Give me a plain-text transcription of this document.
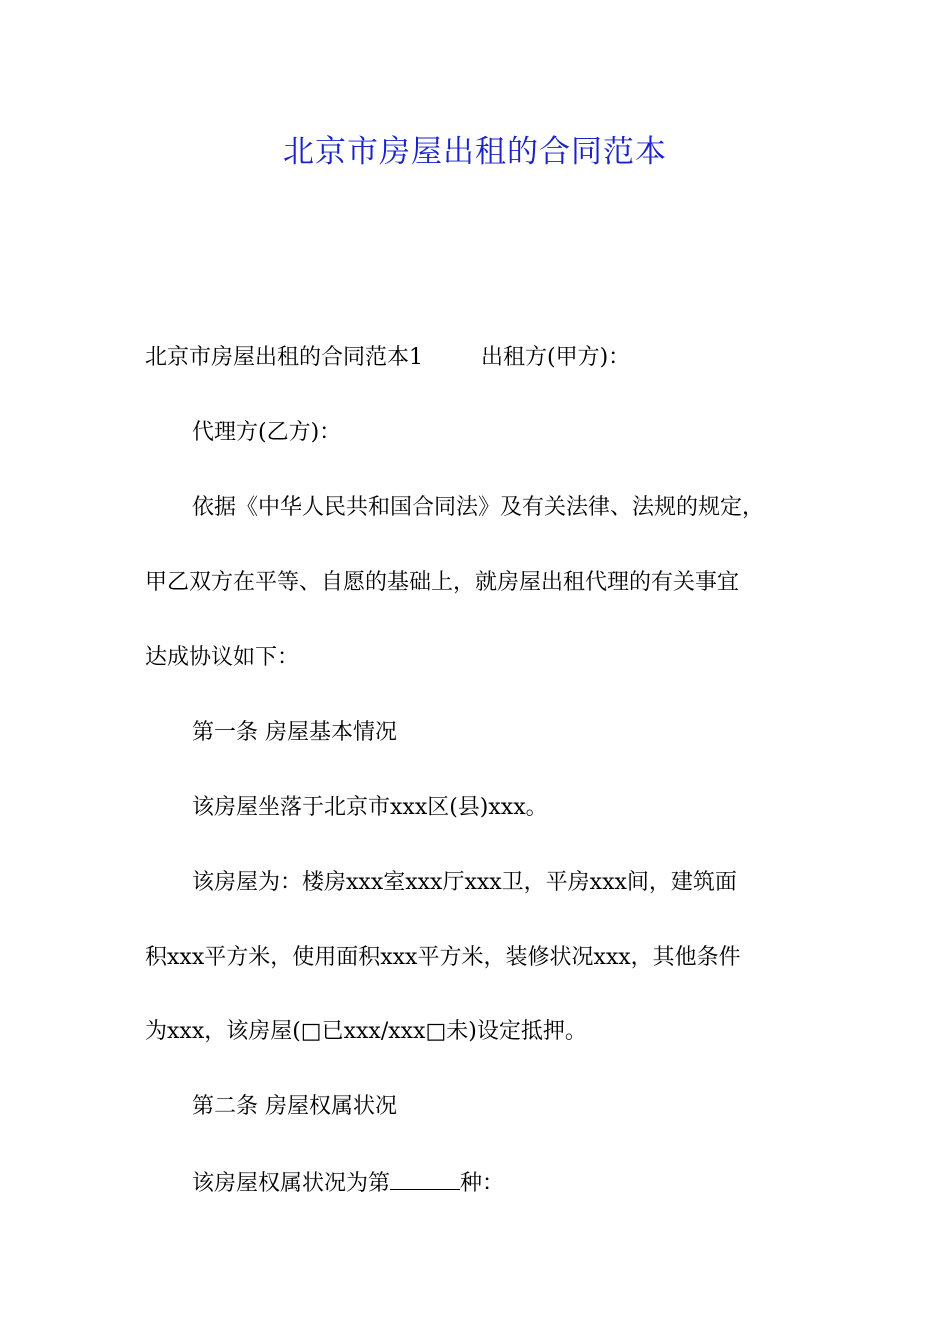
北京市房屋出租的合同范本

北京市房屋出租的合同范本1	出租方(甲方)：

代理方(乙方)：

依据《中华人民共和国合同法》及有关法律、法规的规定，

甲乙双方在平等、自愿的基础上，就房屋出租代理的有关事宜

达成协议如下：

第一条 房屋基本情况

该房屋坐落于北京市xxx区(县)xxx。

该房屋为：楼房xxx室xxx厅xxx卫，平房xxx间，建筑面

积xxx平方米，使用面积xxx平方米，装修状况xxx，其他条件

为xxx，该房屋(□已xxx/xxx□未)设定抵押。

第二条 房屋权属状况

该房屋权属状况为第	种：
